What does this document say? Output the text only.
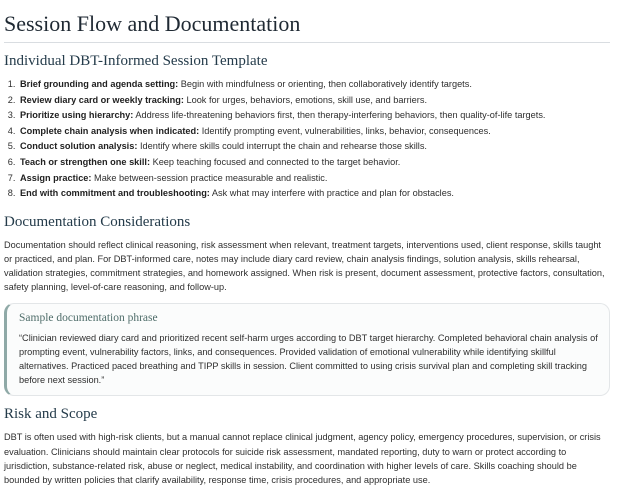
Session Flow and Documentation
Individual DBT-Informed Session Template
1. Brief grounding and agenda setting: Begin with mindfulness or orienting, then collaboratively identify targets.
2. Review diary card or weekly tracking: Look for urges, behaviors, emotions, skill use, and barriers.
3. Prioritize using hierarchy: Address life-threatening behaviors first, then therapy-interfering behaviors, then quality-of-life targets.
4. Complete chain analysis when indicated: Identify prompting event, vulnerabilities, links, behavior, consequences.
5. Conduct solution analysis: Identify where skills could interrupt the chain and rehearse those skills.
6. Teach or strengthen one skill: Keep teaching focused and connected to the target behavior.
7. Assign practice: Make between-session practice measurable and realistic.
8. End with commitment and troubleshooting: Ask what may interfere with practice and plan for obstacles.
Documentation Considerations

Documentation should reflect clinical reasoning, risk assessment when relevant, treatment targets, interventions used, client response, skills taught or practiced, and plan. For DBT-informed care, notes may include diary card review, chain analysis findings, solution analysis, skills rehearsal, validation strategies, commitment strategies, and homework assigned. When risk is present, document assessment, protective factors, consultation, safety planning, level-of-care reasoning, and follow-up.

Sample documentation phrase

“Clinician reviewed diary card and prioritized recent self-harm urges according to DBT target hierarchy. Completed behavioral chain analysis of prompting event, vulnerability factors, links, and consequences. Provided validation of emotional vulnerability while identifying skillful alternatives. Practiced paced breathing and TIPP skills in session. Client committed to using crisis survival plan and completing skill tracking before next session.”

Risk and Scope

DBT is often used with high-risk clients, but a manual cannot replace clinical judgment, agency policy, emergency procedures, supervision, or crisis evaluation. Clinicians should maintain clear protocols for suicide risk assessment, mandated reporting, duty to warn or protect according to jurisdiction, substance-related risk, abuse or neglect, medical instability, and coordination with higher levels of care. Skills coaching should be bounded by written policies that clarify availability, response time, crisis procedures, and appropriate use.
